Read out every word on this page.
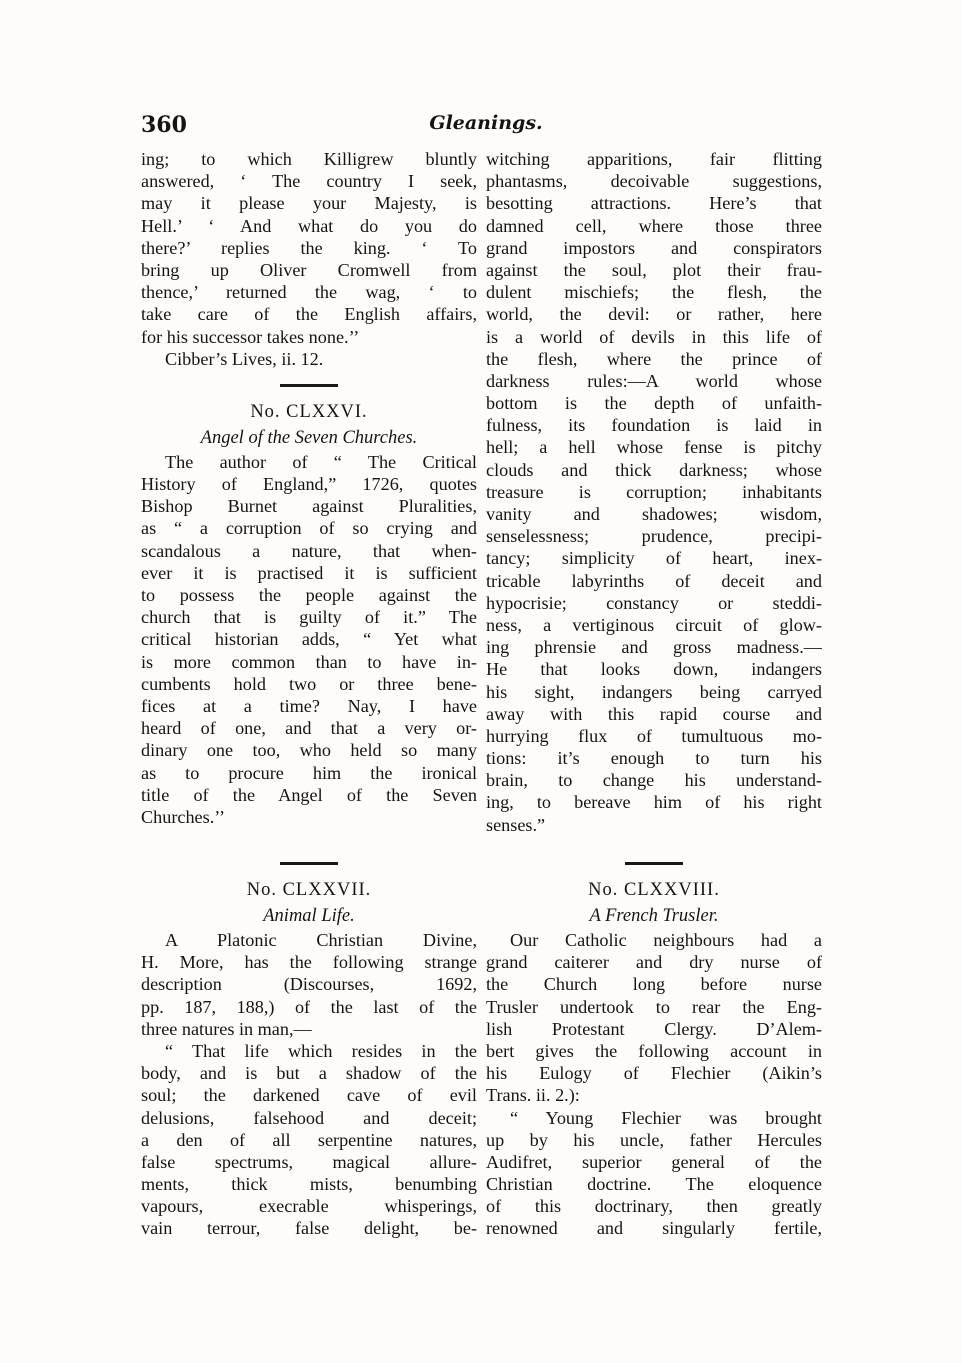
360	Gleanings.
ing; to which Killigrew bluntly
answered, ‘ The country I seek,
may it please your Majesty, is
Hell.’ ‘ And what do you do
there?’ replies the king. ‘ To
bring up Oliver Cromwell from
thence,’ returned the wag, ‘ to
take care of the English affairs,
for his successor takes none.’’
Cibber’s Lives, ii. 12.
No. CLXXVI.
Angel of the Seven Churches.
The author of “ The Critical
History of England,” 1726, quotes
Bishop Burnet against Pluralities,
as “ a corruption of so crying and
scandalous a nature, that when-
ever it is practised it is sufficient
to possess the people against the
church that is guilty of it.” The
critical historian adds, “ Yet what
is more common than to have in-
cumbents hold two or three bene-
fices at a time? Nay, I have
heard of one, and that a very or-
dinary one too, who held so many
as to procure him the ironical
title of the Angel of the Seven
Churches.’’
witching apparitions, fair flitting
phantasms, decoivable suggestions,
besotting attractions. Here’s that
damned cell, where those three
grand impostors and conspirators
against the soul, plot their frau-
dulent mischiefs; the flesh, the
world, the devil: or rather, here
is a world of devils in this life of
the flesh, where the prince of
darkness rules:—A world whose
bottom is the depth of unfaith-
fulness, its foundation is laid in
hell; a hell whose fense is pitchy
clouds and thick darkness; whose
treasure is corruption; inhabitants
vanity and shadowes; wisdom,
senselessness; prudence, precipi-
tancy; simplicity of heart, inex-
tricable labyrinths of deceit and
hypocrisie; constancy or steddi-
ness, a vertiginous circuit of glow-
ing phrensie and gross madness.—
He that looks down, indangers
his sight, indangers being carryed
away with this rapid course and
hurrying flux of tumultuous mo-
tions: it’s enough to turn his
brain, to change his understand-
ing, to bereave him of his right
senses.”
No. CLXXVII.
Animal Life.
A Platonic Christian Divine,
H. More, has the following strange
description (Discourses, 1692,
pp. 187, 188,) of the last of the
three natures in man,—
“ That life which resides in the
body, and is but a shadow of the
soul; the darkened cave of evil
delusions, falsehood and deceit;
a den of all serpentine natures,
false spectrums, magical allure-
ments, thick mists, benumbing
vapours, execrable whisperings,
vain terrour, false delight, be-
No. CLXXVIII.
A French Trusler.
Our Catholic neighbours had a
grand caiterer and dry nurse of
the Church long before nurse
Trusler undertook to rear the Eng-
lish Protestant Clergy. D’Alem-
bert gives the following account in
his Eulogy of Flechier (Aikin’s
Trans. ii. 2.):
“ Young Flechier was brought
up by his uncle, father Hercules
Audifret, superior general of the
Christian doctrine. The eloquence
of this doctrinary, then greatly
renowned and singularly fertile,
